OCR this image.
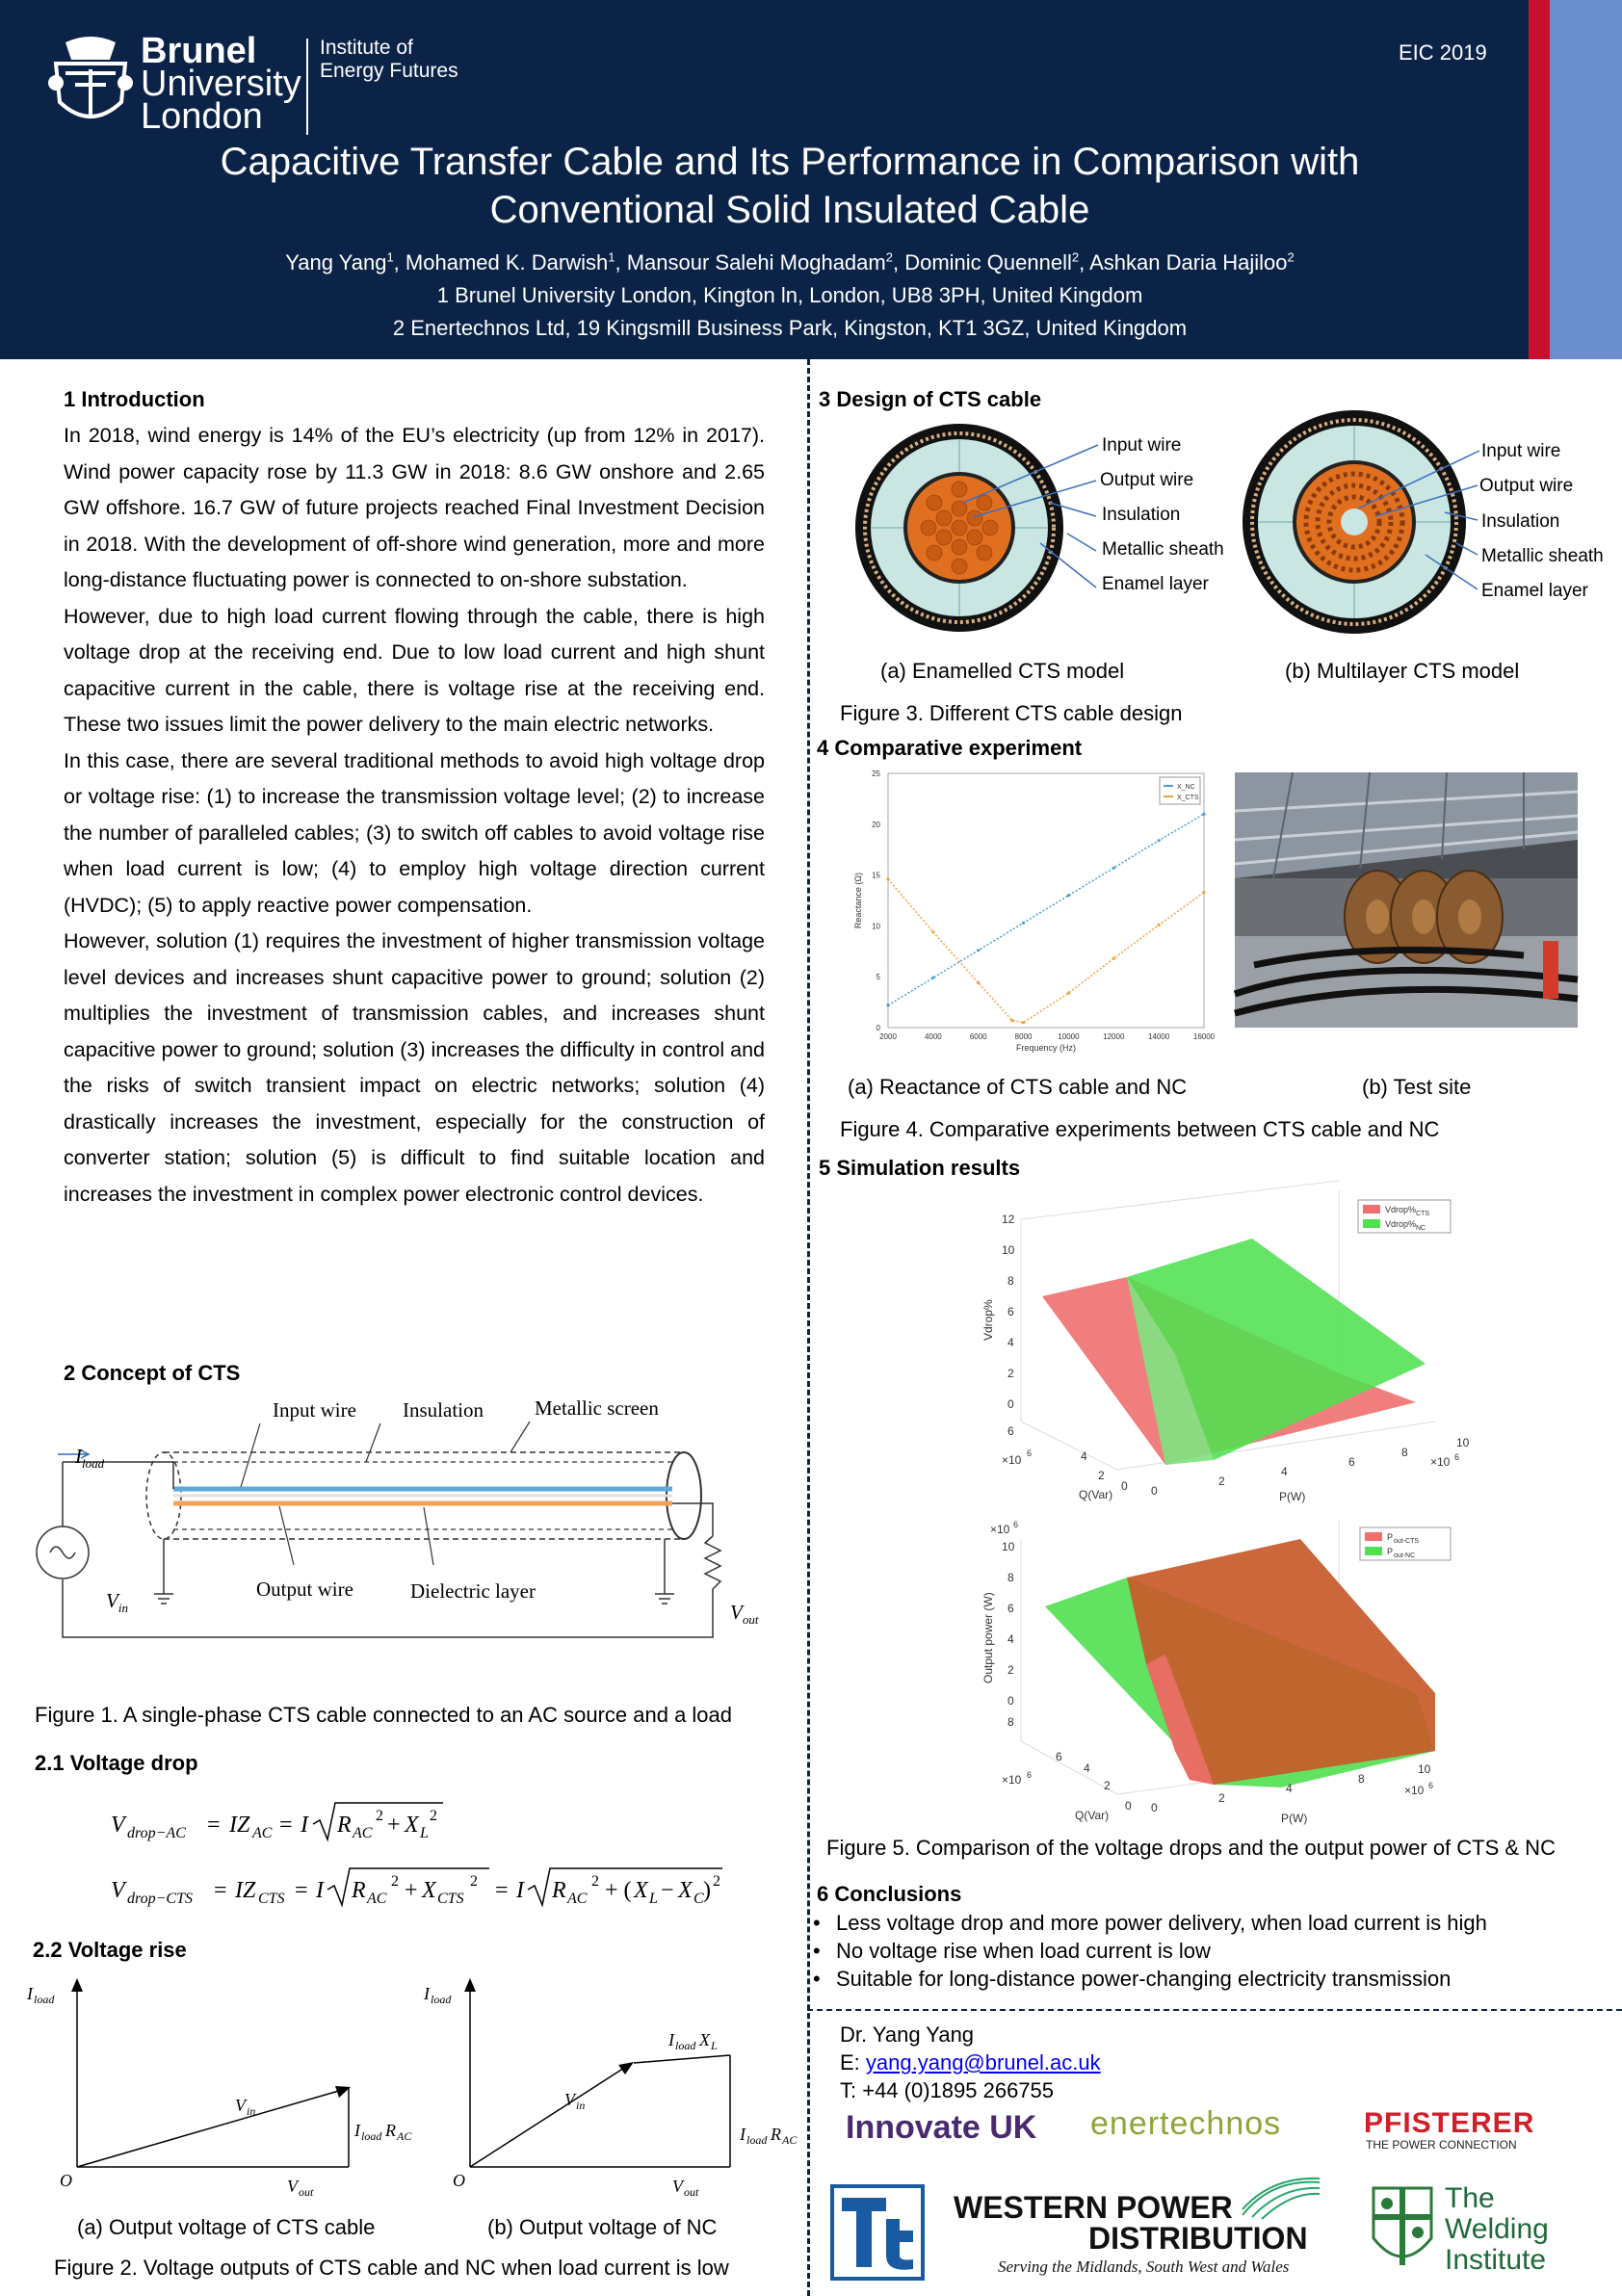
Brunel
University
London
Institute of
Energy Futures
EIC 2019
Capacitive Transfer Cable and Its Performance in Comparison with
Conventional Solid Insulated Cable
Yang Yang$^1$, Mohamed K. Darwish$^1$, Mansour Salehi Moghadam$^2$, Dominic Quennell$^2$, Ashkan Daria Hajiloo$^2$
1 Brunel University London, Kington ln, London, UB8 3PH, United Kingdom
2 Enertechnos Ltd, 19 Kingsmill Business Park, Kingston, KT1 3GZ, United Kingdom
1 Introduction

In 2018, wind energy is 14% of the EU’s electricity (up from 12% in 2017). Wind power capacity rose by 11.3 GW in 2018: 8.6 GW onshore and 2.65 GW offshore. 16.7 GW of future projects reached Final Investment Decision in 2018. With the development of off-shore wind generation, more and more long-distance fluctuating power is connected to on-shore substation.

However, due to high load current flowing through the cable, there is high voltage drop at the receiving end. Due to low load current and high shunt capacitive current in the cable, there is voltage rise at the receiving end. These two issues limit the power delivery to the main electric networks.

In this case, there are several traditional methods to avoid high voltage drop or voltage rise: (1) to increase the transmission voltage level; (2) to increase the number of paralleled cables; (3) to switch off cables to avoid voltage rise when load current is low; (4) to employ high voltage direction current (HVDC); (5) to apply reactive power compensation.

However, solution (1) requires the investment of higher transmission voltage level devices and increases shunt capacitive power to ground; solution (2) multiplies the investment of transmission cables, and increases shunt capacitive power to ground; solution (3) increases the difficulty in control and the risks of switch transient impact on electric networks; solution (4) drastically increases the investment, especially for the construction of converter station; solution (5) is difficult to find suitable location and increases the investment in complex power electronic control devices.

2 Concept of CTS
Input wire Insulation	Metallic screen
Output wire	Dielectric layer
$I_{load}$
$V_{in}$	$V_{out}$
Figure 1. A single-phase CTS cable connected to an AC source and a load
2.1 Voltage drop
V drop−AC = IZ AC = I R AC
2 + X L
2
V drop−CTS = IZ CTS = I R AC
2 + X CTS
2 = I R AC
2 + ( X L − X C ) 2
2.2 Voltage rise
I load
V in
I load R AC
O	V out
I load
V in
I load X L
I load R AC
O	V out
(a) Output voltage of CTS cable	(b) Output voltage of NC
Figure 2. Voltage outputs of CTS cable and NC when load current is low
3 Design of CTS cable
Input wire
Output wire
Insulation
Metallic sheath
Enamel layer
Input wire
Output wire
Insulation
Metallic sheath
Enamel layer
(a) Enamelled CTS model	(b) Multilayer CTS model
Figure 3. Different CTS cable design
4 Comparative experiment
2000	4000	6000	8000	10000	12000	14000	16000
0
5
10
15
20
25
Frequency (Hz)
Reactance (Ω)
X_NC
X_CTS
(a) Reactance of CTS cable and NC	(b) Test site
Figure 4. Comparative experiments between CTS cable and NC
5 Simulation results
12
10
8
6
4
2
0
Vdrop%
6
×10 6	4
2
0
Q(Var)	0
2
4
6
8
10
P(W)
×10 6
Vdrop% CTS
Vdrop% NC
×10 6
10
8
6
4
2
0
Output power (W)
8
×10 6
6
4
2
0
Q(Var)
0
2
4
8
10
P(W)
×10 6
P out-CTS
P out-NC
Figure 5. Comparison of the voltage drops and the output power of CTS & NC
6 Conclusions
• Less voltage drop and more power delivery, when load current is high
• No voltage rise when load current is low
• Suitable for long-distance power-changing electricity transmission
Dr. Yang Yang
E: yang.yang@brunel.ac.uk
T: +44 (0)1895 266755
Innovate UK enertechnos	PFISTERER
THE POWER CONNECTION
WESTERN POWER
DISTRIBUTION
Serving the Midlands, South West and Wales
The
Welding
Institute
